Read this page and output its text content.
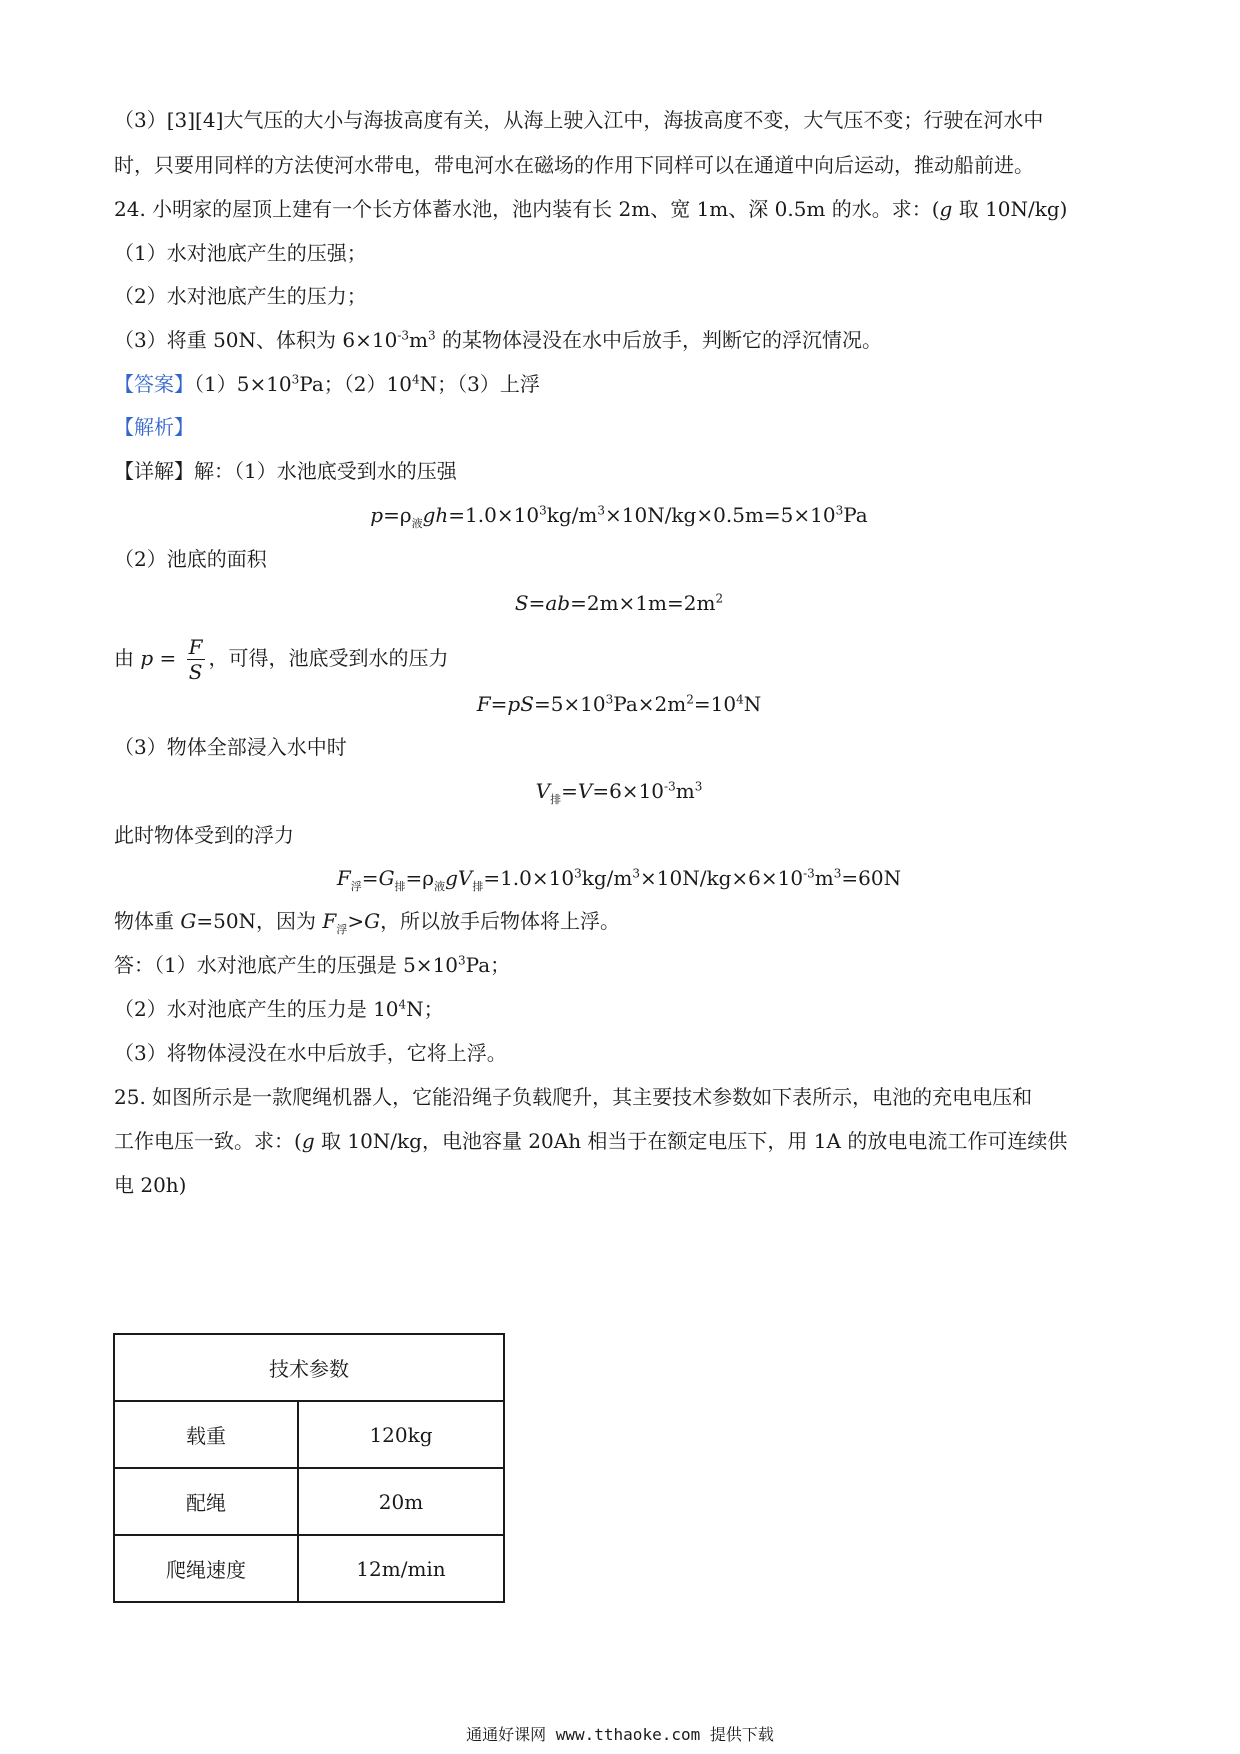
（3）[3][4]大气压的大小与海拔高度有关，从海上驶入江中，海拔高度不变，大气压不变；行驶在河水中
时，只要用同样的方法使河水带电，带电河水在磁场的作用下同样可以在通道中向后运动，推动船前进。
24. 小明家的屋顶上建有一个长方体蓄水池，池内装有长 2m、宽 1m、深 0.5m 的水。求：(g 取 10N/kg)
（1）水对池底产生的压强；
（2）水对池底产生的压力；
（3）将重 50N、体积为 $6\times 10^{-3}m^3$ 的某物体浸没在水中后放手，判断它的浮沉情况。
【答案】$(1)5\times 10^3Pa$；$(2)10^4N$；（3）上浮
【解析】
【详解】解：（1）水池底受到水的压强
$p=\rho_液gh=1.0\times 10^3kg/m^3\times 10N/kg\times 0.5m=5\times 10^3Pa$
（2）池底的面积
$S=ab=2m\times 1m=2m^2$
由 $p = \frac{F}{S}$ ，可得，池底受到水的压力
$F=pS=5\times 10^3Pa\times 2m^2=10^4N$
（3）物体全部浸入水中时
$V_排=V=6\times 10^{-3}m^3$
此时物体受到的浮力
$F_浮=G_排=\rho_液gV_排=1.0\times 10^3kg/m^3\times 10N/kg\times 6\times 10^{-3}m^3=60N$
物体重 G=50N，因为 $F_浮>G$，所以放手后物体将上浮。
答：（1）水对池底产生的压强是 $5\times 10^3Pa$；
（2）水对池底产生的压力是 $10^4N$；
（3）将物体浸没在水中后放手，它将上浮。
25. 如图所示是一款爬绳机器人，它能沿绳子负载爬升，其主要技术参数如下表所示，电池的充电电压和
工作电压一致。求：(g 取 10N/kg，电池容量 20Ah 相当于在额定电压下，用 1A 的放电电流工作可连续供
电 20h)
技术参数	
载重	120kg
配绳	20m
爬绳速度	12m/min
通通好课网 www.tthaoke.com 提供下载
